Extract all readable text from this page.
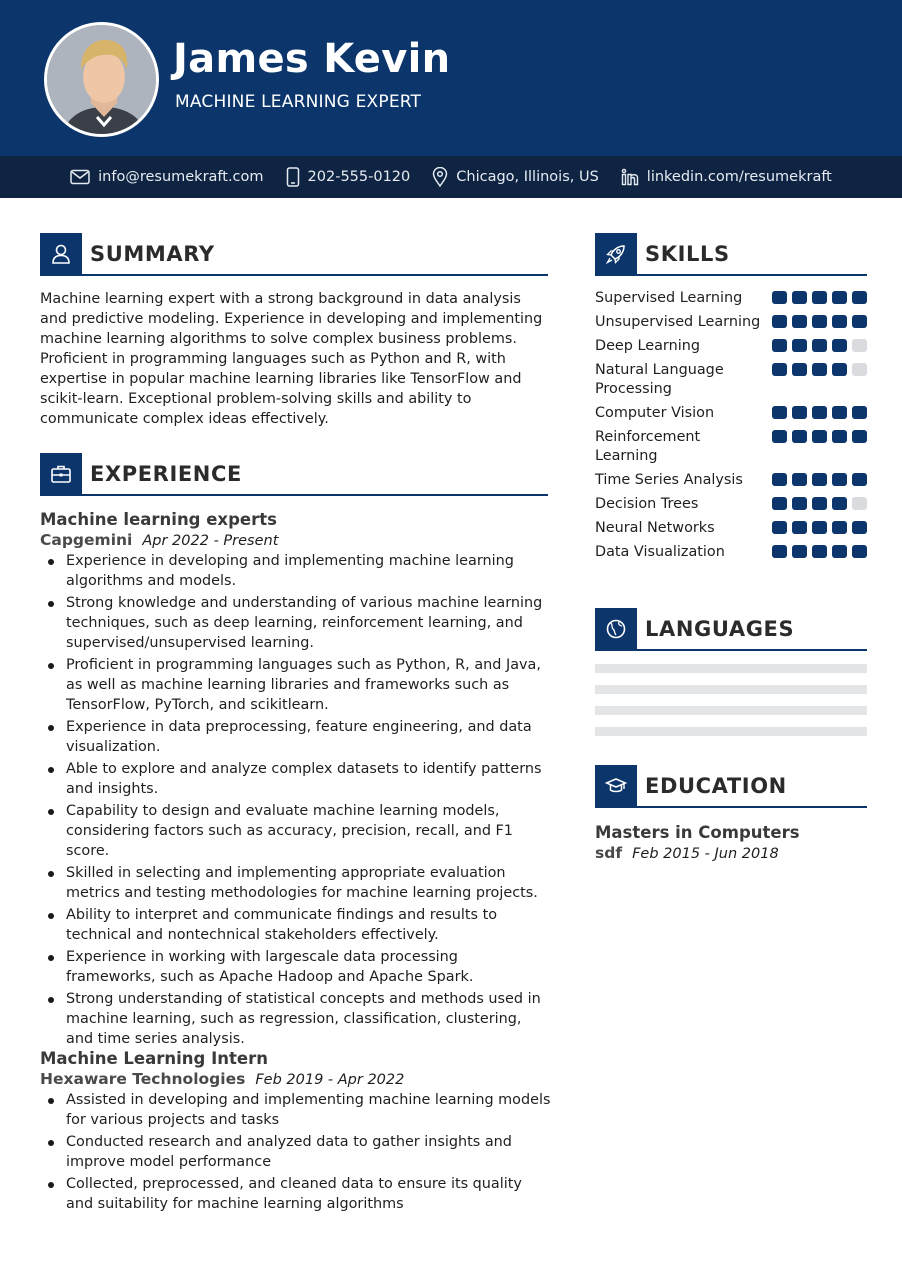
James Kevin
MACHINE LEARNING EXPERT
info@resumekraft.com	202-555-0120	Chicago, Illinois, US	linkedin.com/resumekraft
SUMMARY
Machine learning expert with a strong background in data analysis and predictive modeling. Experience in developing and implementing machine learning algorithms to solve complex business problems. Proficient in programming languages such as Python and R, with expertise in popular machine learning libraries like TensorFlow and scikit-learn. Exceptional problem-solving skills and ability to communicate complex ideas effectively.
EXPERIENCE
Machine learning experts
Capgemini Apr 2022 - Present
Experience in developing and implementing machine learning algorithms and models.
Strong knowledge and understanding of various machine learning techniques, such as deep learning, reinforcement learning, and supervised/unsupervised learning.
Proficient in programming languages such as Python, R, and Java, as well as machine learning libraries and frameworks such as TensorFlow, PyTorch, and scikitlearn.
Experience in data preprocessing, feature engineering, and data visualization.
Able to explore and analyze complex datasets to identify patterns and insights.
Capability to design and evaluate machine learning models, considering factors such as accuracy, precision, recall, and F1 score.
Skilled in selecting and implementing appropriate evaluation metrics and testing methodologies for machine learning projects.
Ability to interpret and communicate findings and results to technical and nontechnical stakeholders effectively.
Experience in working with largescale data processing frameworks, such as Apache Hadoop and Apache Spark.
Strong understanding of statistical concepts and methods used in machine learning, such as regression, classification, clustering, and time series analysis.
Machine Learning Intern
Hexaware Technologies Feb 2019 - Apr 2022
Assisted in developing and implementing machine learning models for various projects and tasks
Conducted research and analyzed data to gather insights and improve model performance
Collected, preprocessed, and cleaned data to ensure its quality and suitability for machine learning algorithms
SKILLS
Supervised Learning
Unsupervised Learning
Deep Learning
Natural Language Processing
Computer Vision
Reinforcement Learning
Time Series Analysis
Decision Trees
Neural Networks
Data Visualization
LANGUAGES
EDUCATION
Masters in Computers
sdf Feb 2015 - Jun 2018
